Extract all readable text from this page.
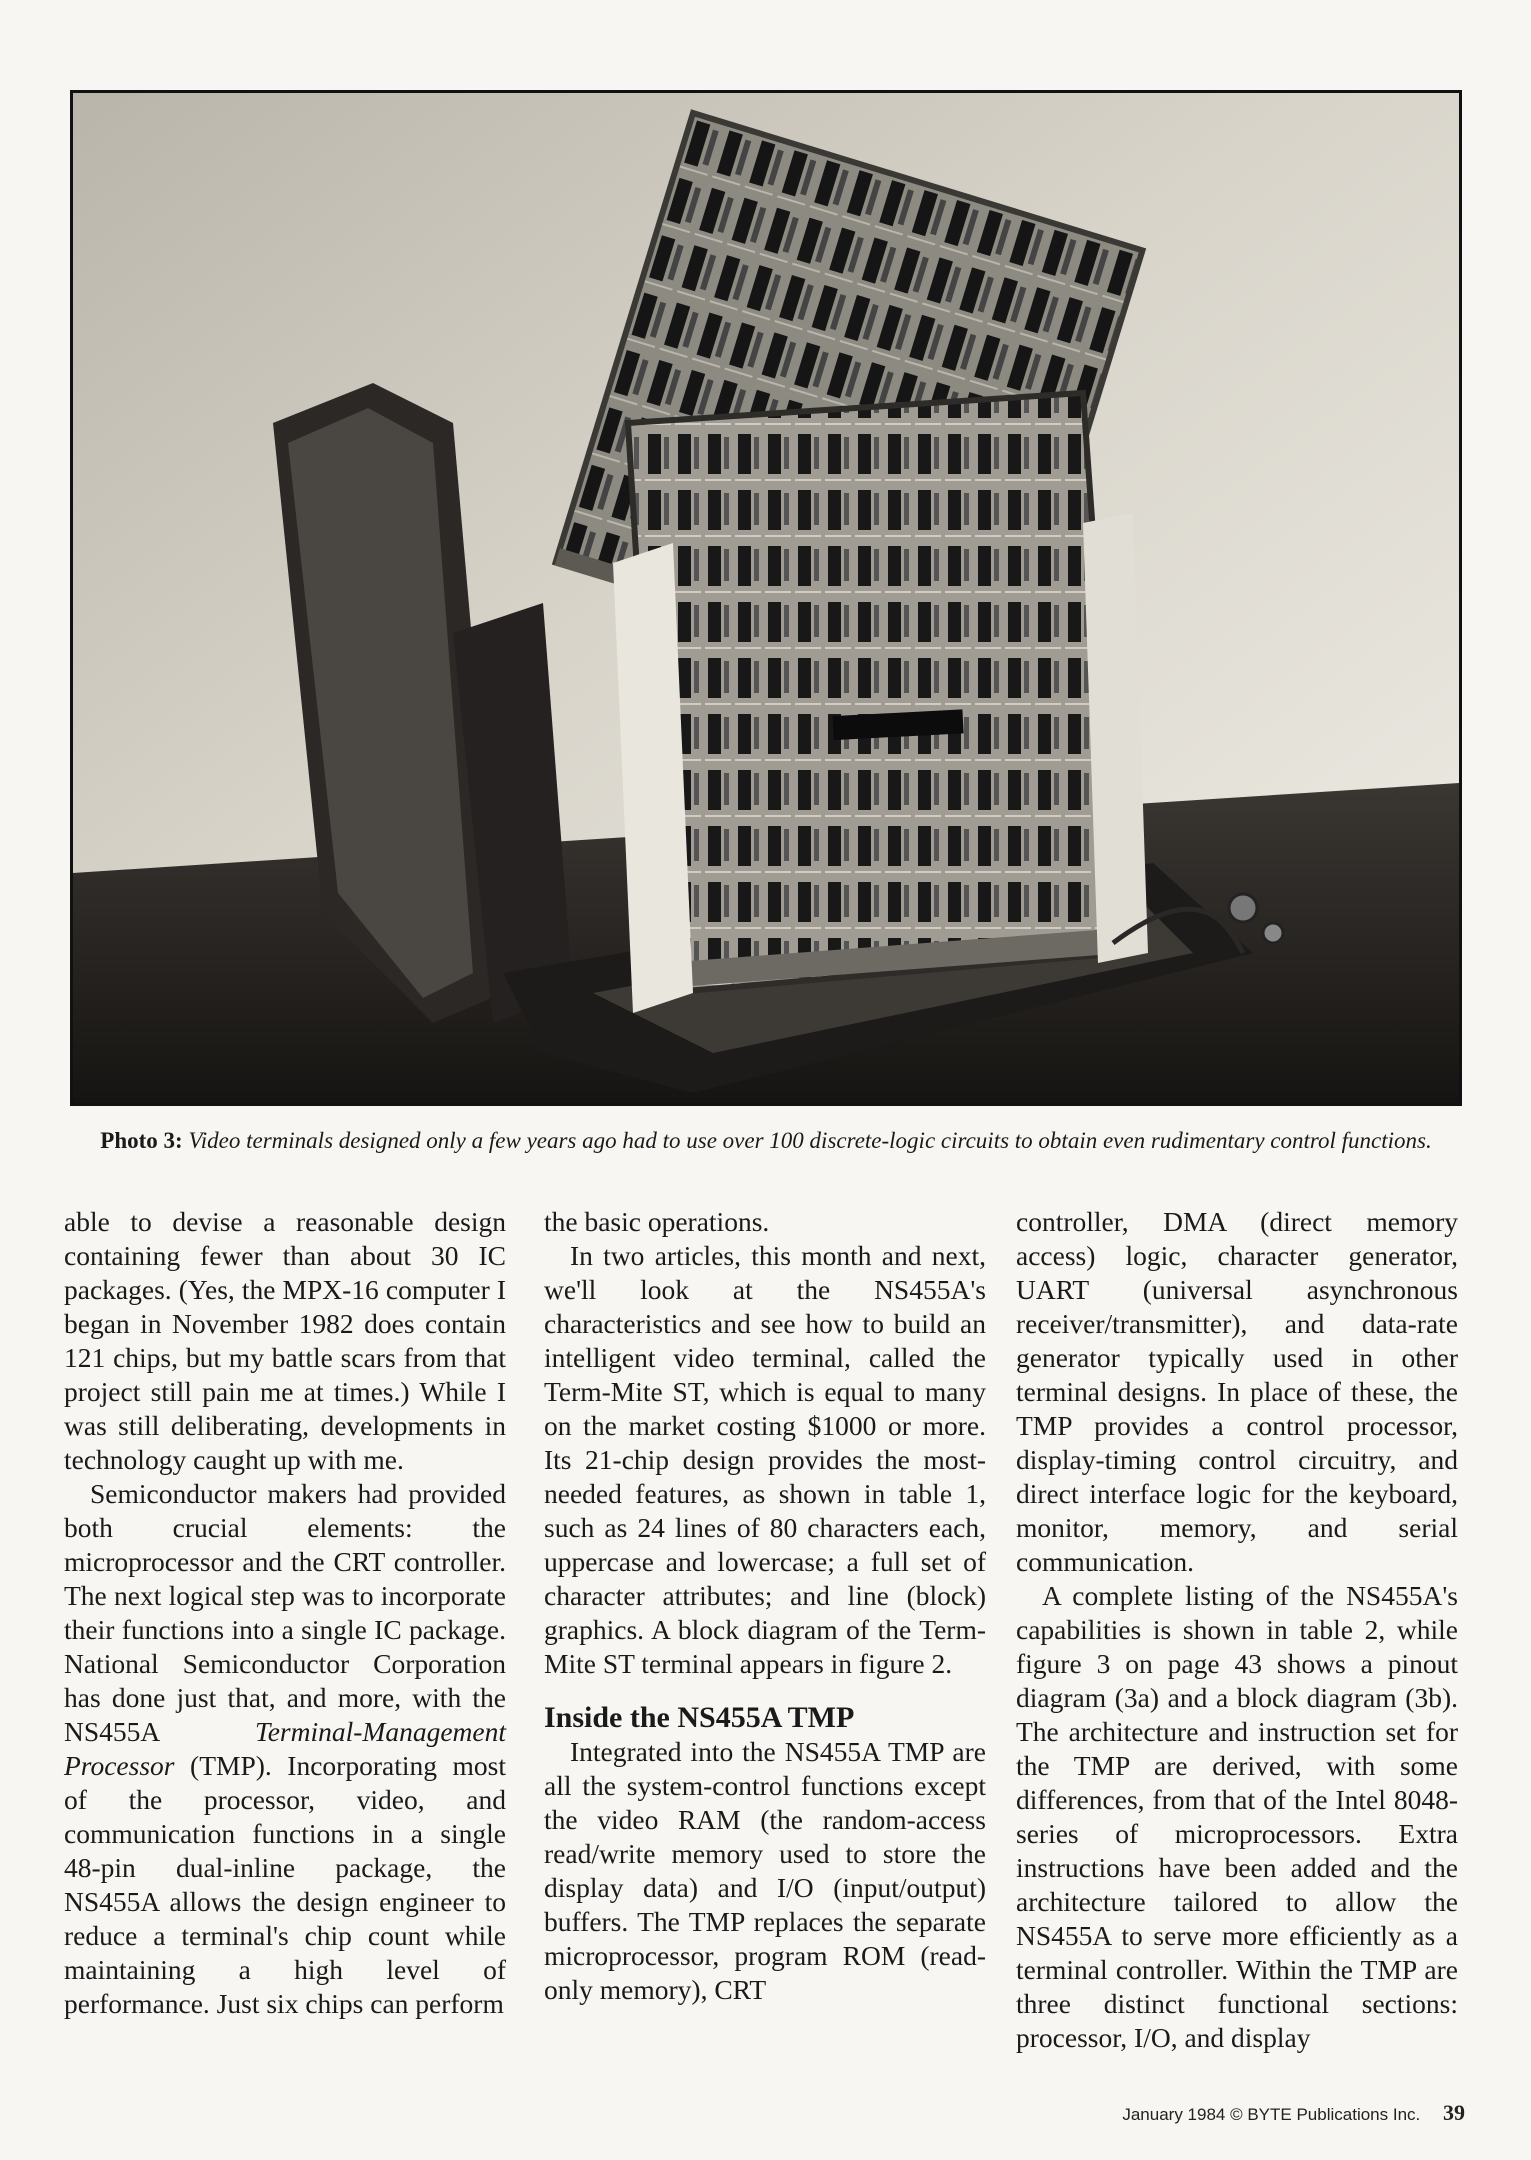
Photo 3: Video terminals designed only a few years ago had to use over 100 discrete-logic circuits to obtain even rudimentary control functions.

able to devise a reasonable design containing fewer than about 30 IC packages. (Yes, the MPX-16 computer I began in November 1982 does contain 121 chips, but my battle scars from that project still pain me at times.) While I was still deliberating, developments in technology caught up with me.

Semiconductor makers had provided both crucial elements: the microprocessor and the CRT controller. The next logical step was to incorporate their functions into a single IC package. National Semiconductor Corporation has done just that, and more, with the NS455A Terminal-Management Processor (TMP). Incorporating most of the processor, video, and communication functions in a single 48-pin dual-inline package, the NS455A allows the design engineer to reduce a terminal's chip count while maintaining a high level of performance. Just six chips can perform

the basic operations.

In two articles, this month and next, we'll look at the NS455A's characteristics and see how to build an intelligent video terminal, called the Term-Mite ST, which is equal to many on the market costing $1000 or more. Its 21-chip design provides the most-needed features, as shown in table 1, such as 24 lines of 80 characters each, uppercase and lowercase; a full set of character attributes; and line (block) graphics. A block diagram of the Term-Mite ST terminal appears in figure 2.

Inside the NS455A TMP

Integrated into the NS455A TMP are all the system-control functions except the video RAM (the random-access read/write memory used to store the display data) and I/O (input/output) buffers. The TMP replaces the separate microprocessor, program ROM (read-only memory), CRT

controller, DMA (direct memory access) logic, character generator, UART (universal asynchronous receiver/transmitter), and data-rate generator typically used in other terminal designs. In place of these, the TMP provides a control processor, display-timing control circuitry, and direct interface logic for the keyboard, monitor, memory, and serial communication.

A complete listing of the NS455A's capabilities is shown in table 2, while figure 3 on page 43 shows a pinout diagram (3a) and a block diagram (3b). The architecture and instruction set for the TMP are derived, with some differences, from that of the Intel 8048-series of microprocessors. Extra instructions have been added and the architecture tailored to allow the NS455A to serve more efficiently as a terminal controller. Within the TMP are three distinct functional sections: processor, I/O, and display

January 1984 © BYTE Publications Inc. 39
